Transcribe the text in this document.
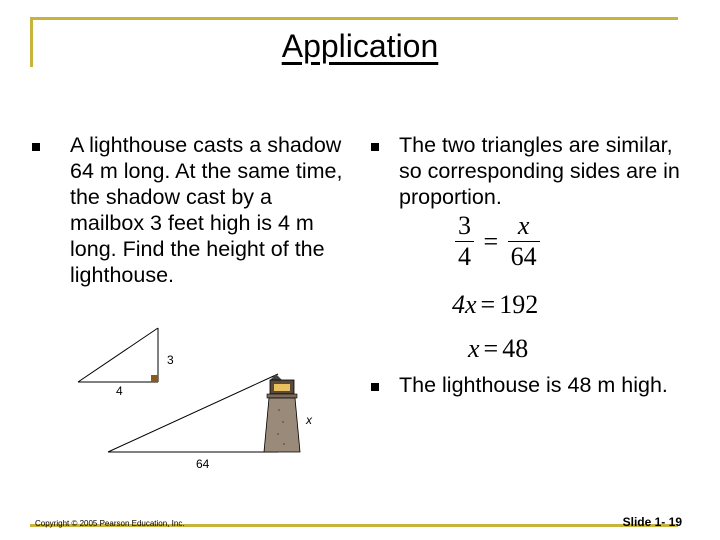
Application
A lighthouse casts a shadow 64 m long. At the same time, the shadow cast by a mailbox 3 feet high is 4 m long. Find the height of the lighthouse.
The two triangles are similar, so corresponding sides are in proportion.
$\frac{3}{4} = \frac{x}{64}$
4x = 192
x = 48
The lighthouse is 48 m high.
3
4
x
64
Copyright © 2005 Pearson Education, Inc.	Slide 1- 19
